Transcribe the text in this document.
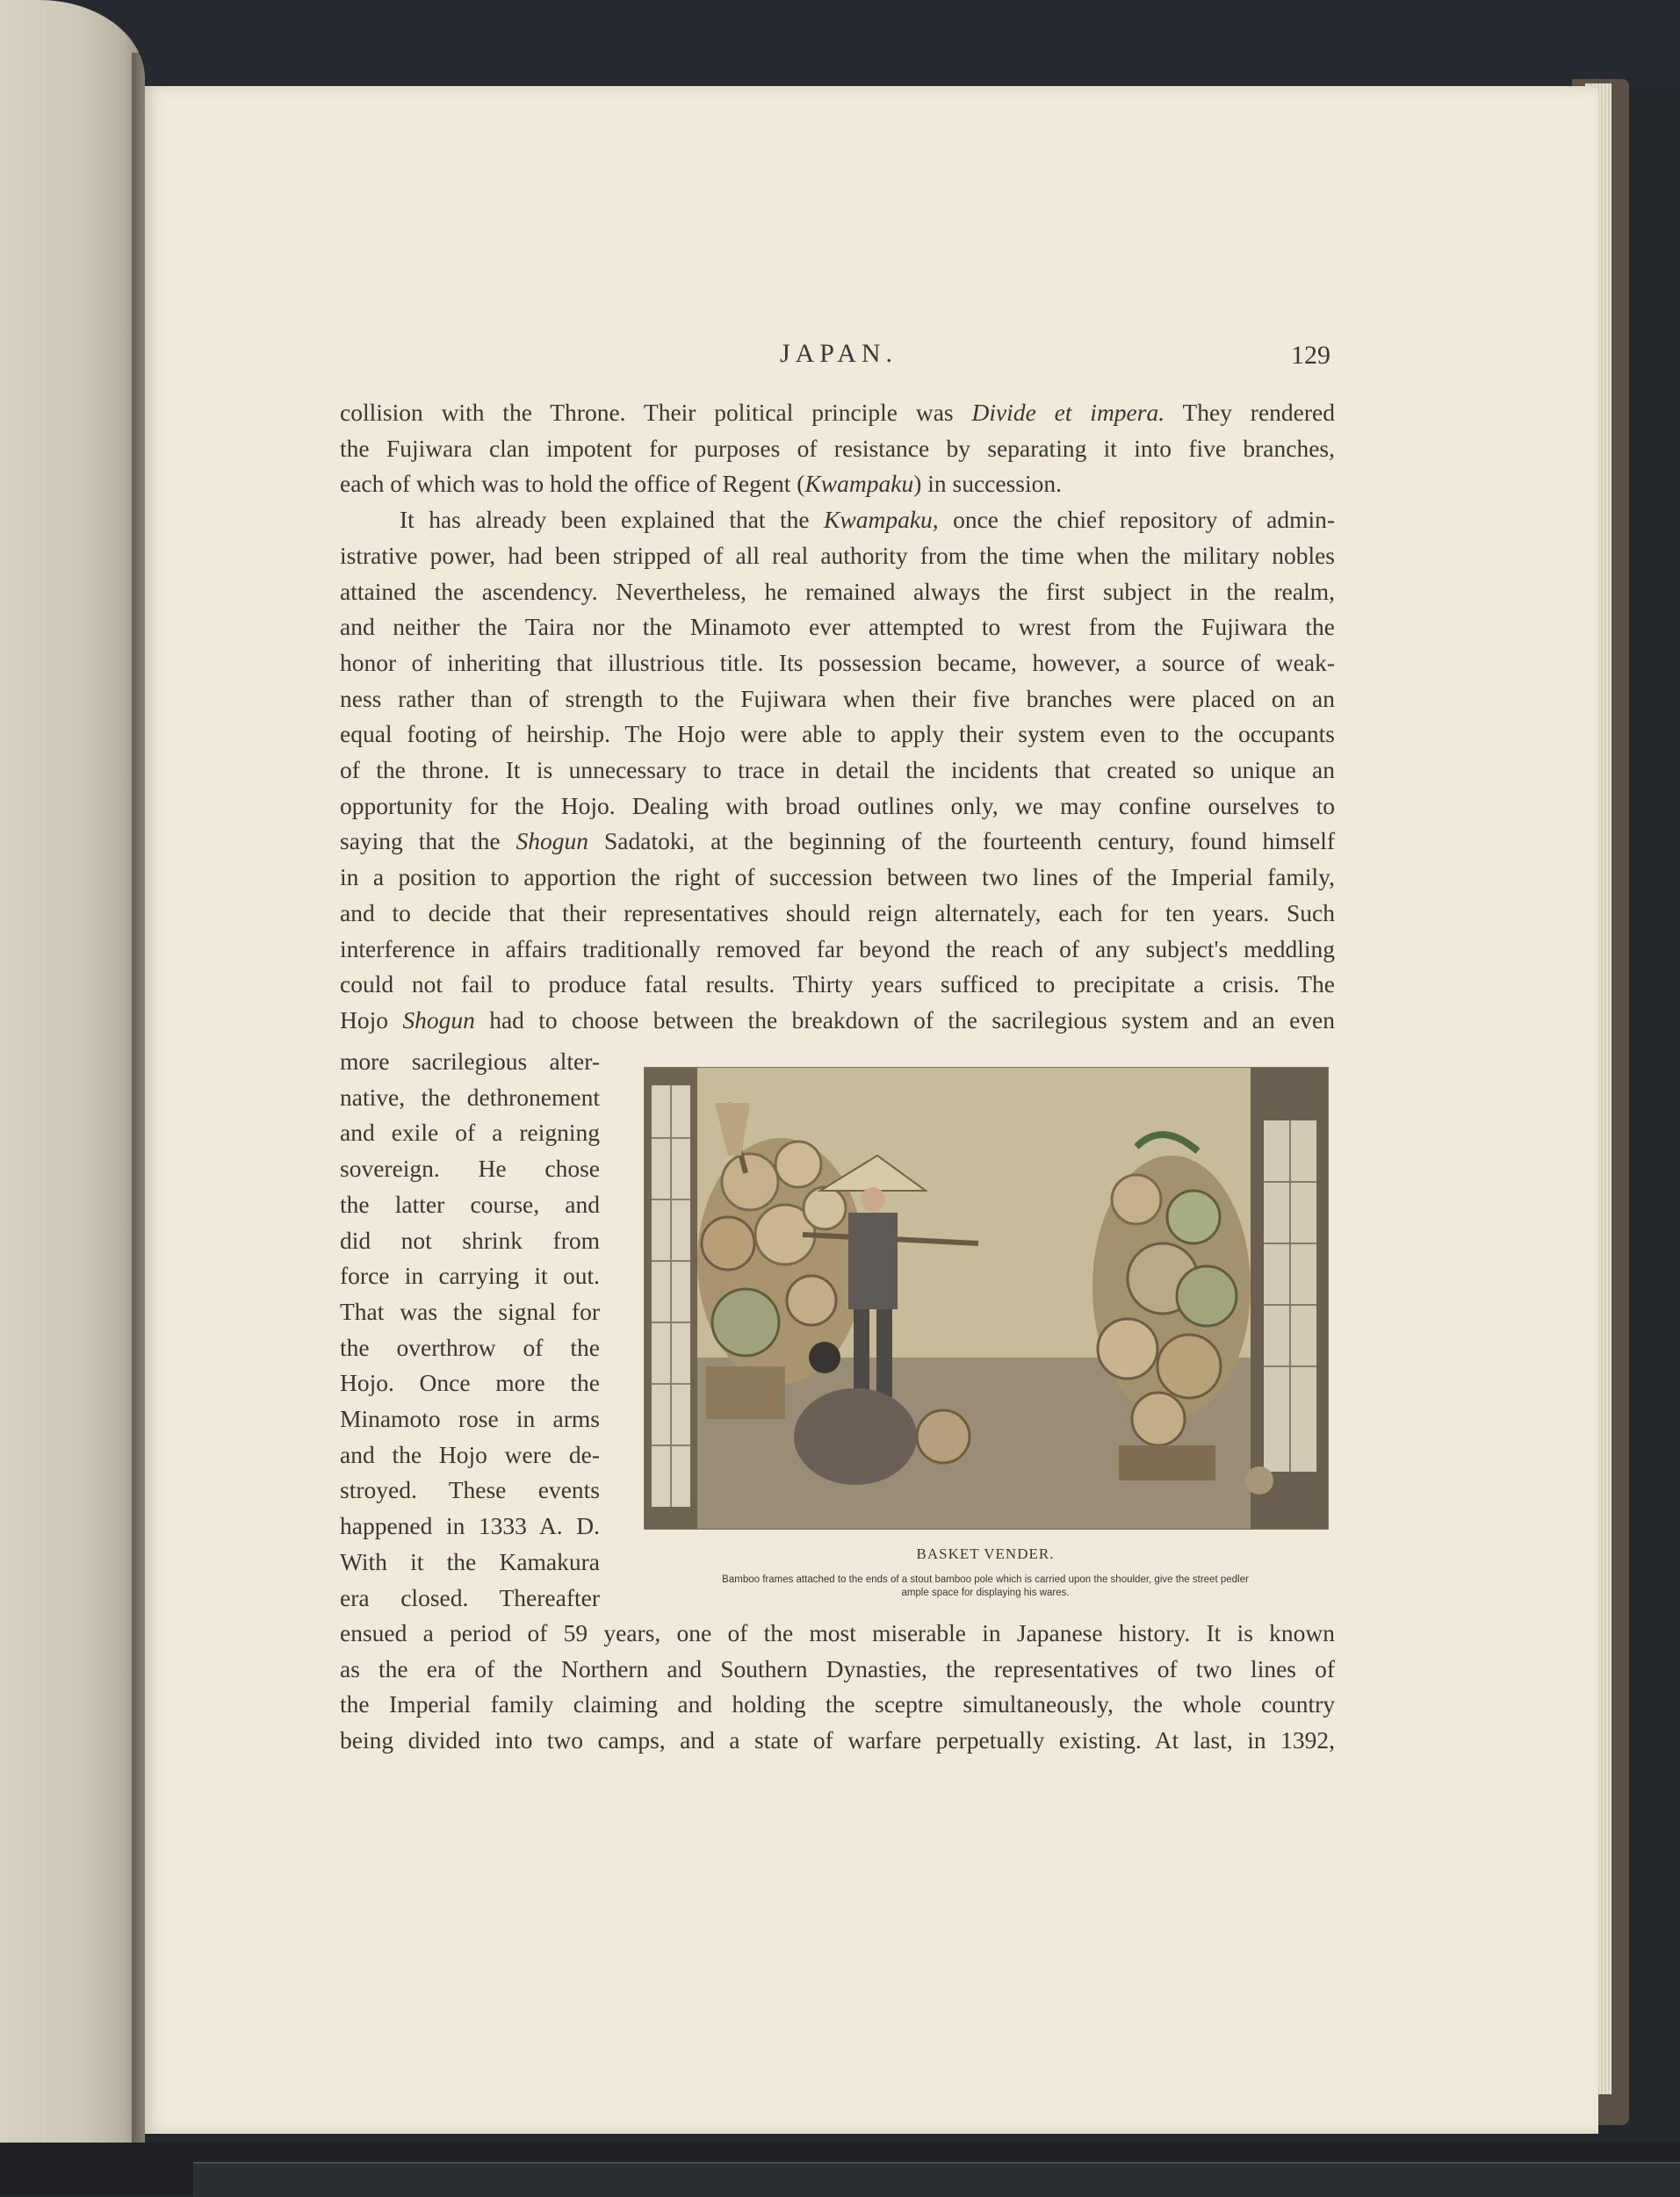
JAPAN.	129
collision with the Throne. Their political principle was Divide et impera. They rendered
the Fujiwara clan impotent for purposes of resistance by separating it into five branches,
each of which was to hold the office of Regent (Kwampaku) in succession.
It has already been explained that the Kwampaku, once the chief repository of admin-
istrative power, had been stripped of all real authority from the time when the military nobles
attained the ascendency. Nevertheless, he remained always the first subject in the realm,
and neither the Taira nor the Minamoto ever attempted to wrest from the Fujiwara the
honor of inheriting that illustrious title. Its possession became, however, a source of weak-
ness rather than of strength to the Fujiwara when their five branches were placed on an
equal footing of heirship. The Hojo were able to apply their system even to the occupants
of the throne. It is unnecessary to trace in detail the incidents that created so unique an
opportunity for the Hojo. Dealing with broad outlines only, we may confine ourselves to
saying that the Shogun Sadatoki, at the beginning of the fourteenth century, found himself
in a position to apportion the right of succession between two lines of the Imperial family,
and to decide that their representatives should reign alternately, each for ten years. Such
interference in affairs traditionally removed far beyond the reach of any subject's meddling
could not fail to produce fatal results. Thirty years sufficed to precipitate a crisis. The
Hojo Shogun had to choose between the breakdown of the sacrilegious system and an even
more sacrilegious alter-
native, the dethronement
and exile of a reigning
sovereign. He chose
the latter course, and
did not shrink from
force in carrying it out.
That was the signal for
the overthrow of the
Hojo. Once more the
Minamoto rose in arms
and the Hojo were de-
stroyed. These events
happened in 1333 A. D.
With it the Kamakura
era closed. Thereafter
ensued a period of 59 years, one of the most miserable in Japanese history. It is known
as the era of the Northern and Southern Dynasties, the representatives of two lines of
the Imperial family claiming and holding the sceptre simultaneously, the whole country
being divided into two camps, and a state of warfare perpetually existing. At last, in 1392,
BASKET VENDER.
Bamboo frames attached to the ends of a stout bamboo pole which is carried upon the shoulder, give the street pedler
ample space for displaying his wares.
